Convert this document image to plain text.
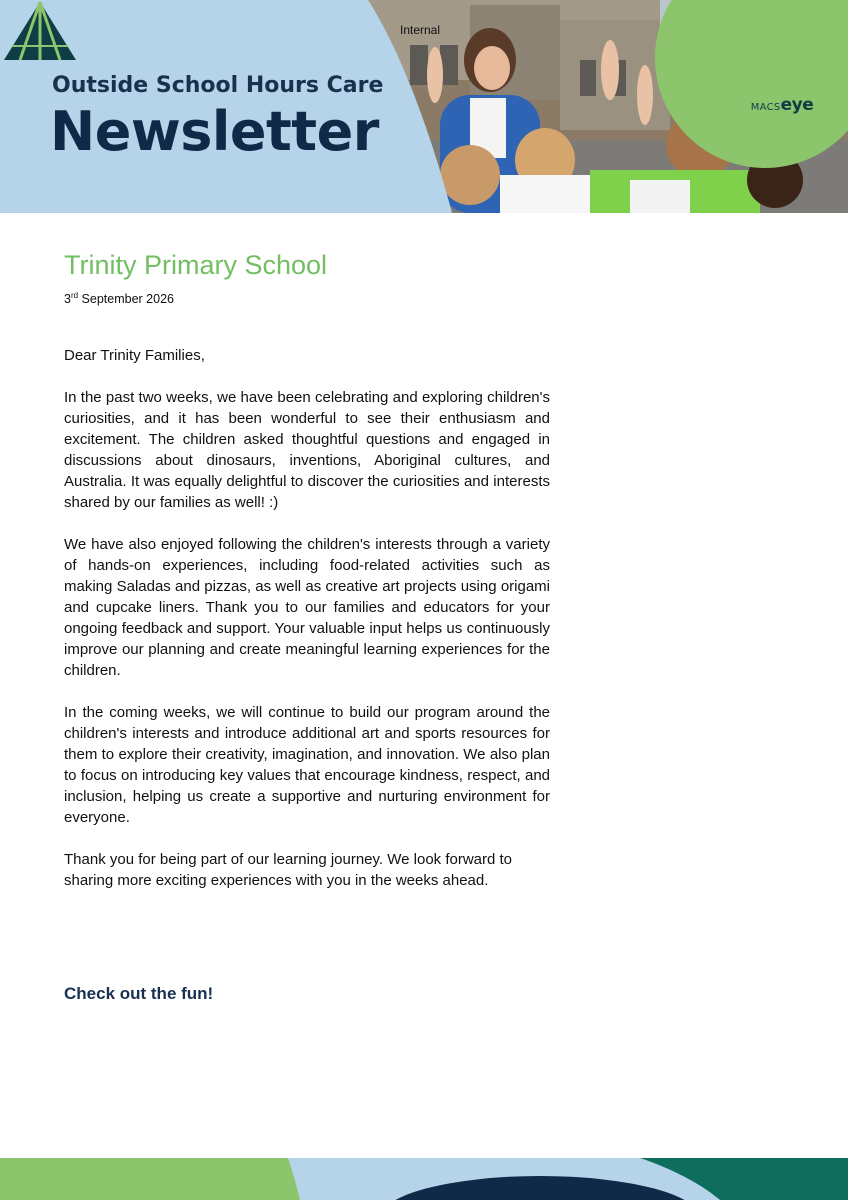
Internal
Outside School Hours Care
Newsletter	MACSeye
Trinity Primary School
3rd September 2026

Dear Trinity Families,

In the past two weeks, we have been celebrating and exploring children's curiosities, and it has been wonderful to see their enthusiasm and excitement. The children asked thoughtful questions and engaged in discussions about dinosaurs, inventions, Aboriginal cultures, and Australia. It was equally delightful to discover the curiosities and interests shared by our families as well! :)

We have also enjoyed following the children's interests through a variety of hands-on experiences, including food-related activities such as making Saladas and pizzas, as well as creative art projects using origami and cupcake liners. Thank you to our families and educators for your ongoing feedback and support. Your valuable input helps us continuously improve our planning and create meaningful learning experiences for the children.

In the coming weeks, we will continue to build our program around the children's interests and introduce additional art and sports resources for them to explore their creativity, imagination, and innovation. We also plan to focus on introducing key values that encourage kindness, respect, and inclusion, helping us create a supportive and nurturing environment for everyone.

Thank you for being part of our learning journey. We look forward to sharing more exciting experiences with you in the weeks ahead.

Check out the fun!
